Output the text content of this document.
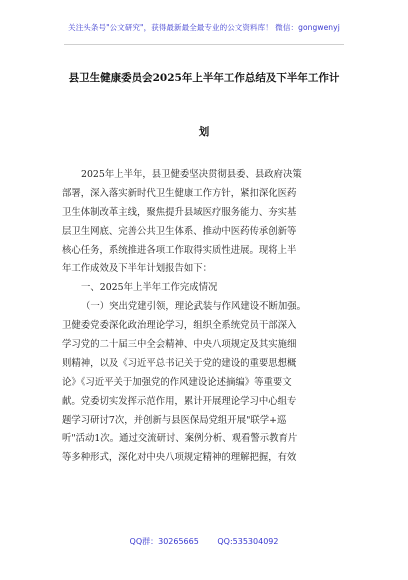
关注头条号"公文研究"，获得最新最全最专业的公文资料库！ 微信：gongwenyj
县卫生健康委员会2025年上半年工作总结及下半年工作计
划
2025年上半年，县卫健委坚决贯彻县委、县政府决策
部署，深入落实新时代卫生健康工作方针，紧扣深化医药
卫生体制改革主线，聚焦提升县域医疗服务能力、夯实基
层卫生网底、完善公共卫生体系、推动中医药传承创新等
核心任务，系统推进各项工作取得实质性进展。现将上半
年工作成效及下半年计划报告如下：
一、2025年上半年工作完成情况
（一）突出党建引领，理论武装与作风建设不断加强。
卫健委党委深化政治理论学习，组织全系统党员干部深入
学习党的二十届三中全会精神、中央八项规定及其实施细
则精神，以及《习近平总书记关于党的建设的重要思想概
论》《习近平关于加强党的作风建设论述摘编》等重要文
献。党委切实发挥示范作用，累计开展理论学习中心组专
题学习研讨7次，并创新与县医保局党组开展"联学+巡
听"活动1次。通过交流研讨、案例分析、观看警示教育片
等多种形式，深化对中央八项规定精神的理解把握，有效
QQ群：30265665 QQ:535304092
